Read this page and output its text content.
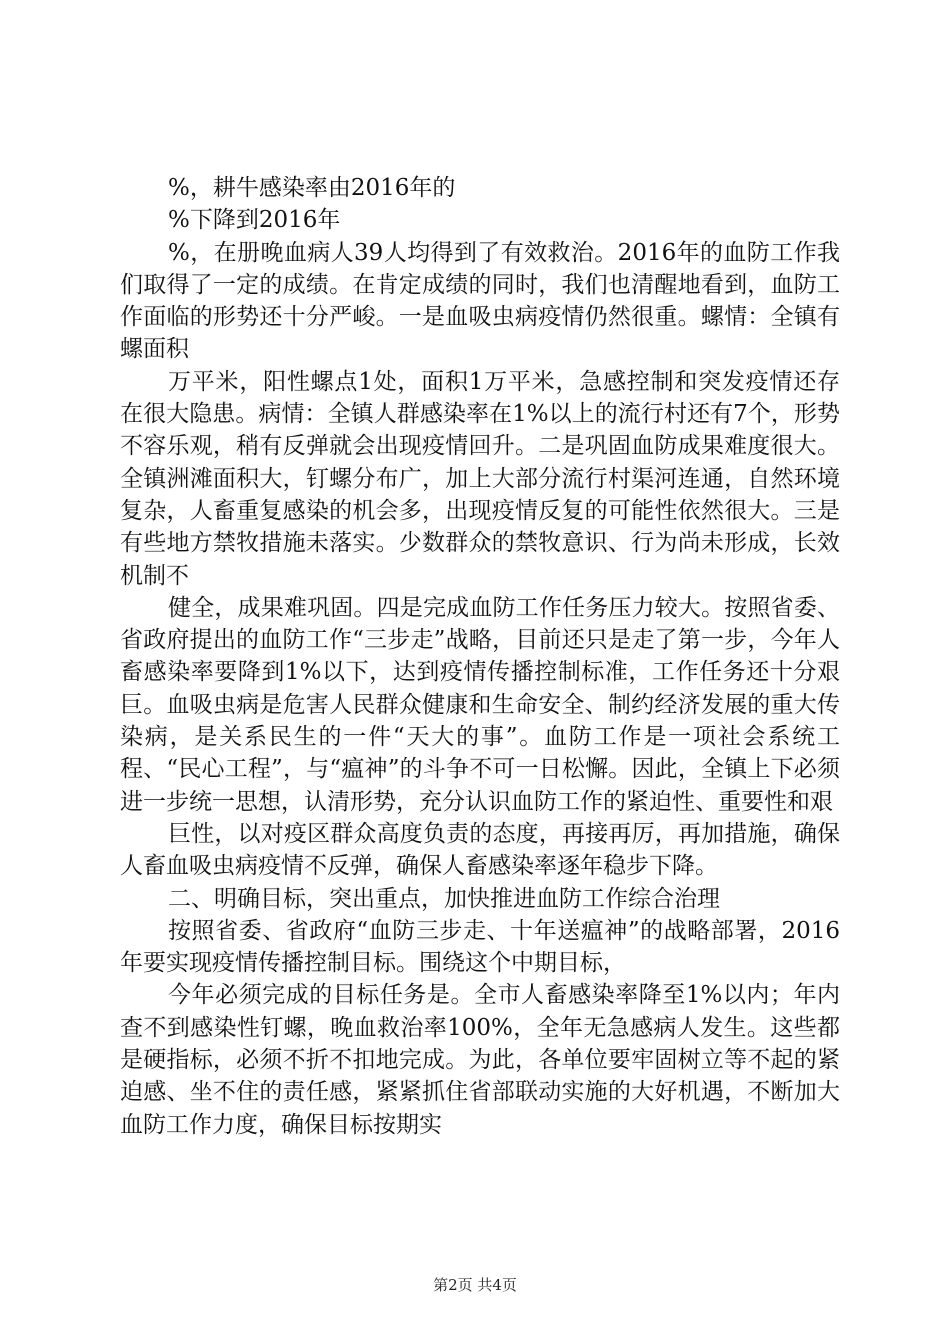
%，耕牛感染率由2016年的

%下降到2016年

%，在册晚血病人39人均得到了有效救治。2016年的血防工作我们取得了一定的成绩。在肯定成绩的同时，我们也清醒地看到，血防工作面临的形势还十分严峻。一是血吸虫病疫情仍然很重。螺情：全镇有螺面积

万平米，阳性螺点1处，面积1万平米，急感控制和突发疫情还存在很大隐患。病情：全镇人群感染率在1%以上的流行村还有7个，形势不容乐观，稍有反弹就会出现疫情回升。二是巩固血防成果难度很大。全镇洲滩面积大，钉螺分布广，加上大部分流行村渠河连通，自然环境复杂，人畜重复感染的机会多，出现疫情反复的可能性依然很大。三是有些地方禁牧措施未落实。少数群众的禁牧意识、行为尚未形成，长效机制不

健全，成果难巩固。四是完成血防工作任务压力较大。按照省委、省政府提出的血防工作“三步走”战略，目前还只是走了第一步，今年人畜感染率要降到1%以下，达到疫情传播控制标准，工作任务还十分艰巨。血吸虫病是危害人民群众健康和生命安全、制约经济发展的重大传染病，是关系民生的一件“天大的事”。血防工作是一项社会系统工程、“民心工程”，与“瘟神”的斗争不可一日松懈。因此，全镇上下必须进一步统一思想，认清形势，充分认识血防工作的紧迫性、重要性和艰

巨性，以对疫区群众高度负责的态度，再接再厉，再加措施，确保人畜血吸虫病疫情不反弹，确保人畜感染率逐年稳步下降。

二、明确目标，突出重点，加快推进血防工作综合治理

按照省委、省政府“血防三步走、十年送瘟神”的战略部署，2016年要实现疫情传播控制目标。围绕这个中期目标，

今年必须完成的目标任务是。全市人畜感染率降至1%以内；年内查不到感染性钉螺，晚血救治率100%，全年无急感病人发生。这些都是硬指标，必须不折不扣地完成。为此，各单位要牢固树立等不起的紧迫感、坐不住的责任感，紧紧抓住省部联动实施的大好机遇，不断加大血防工作力度，确保目标按期实

第2页 共4页
